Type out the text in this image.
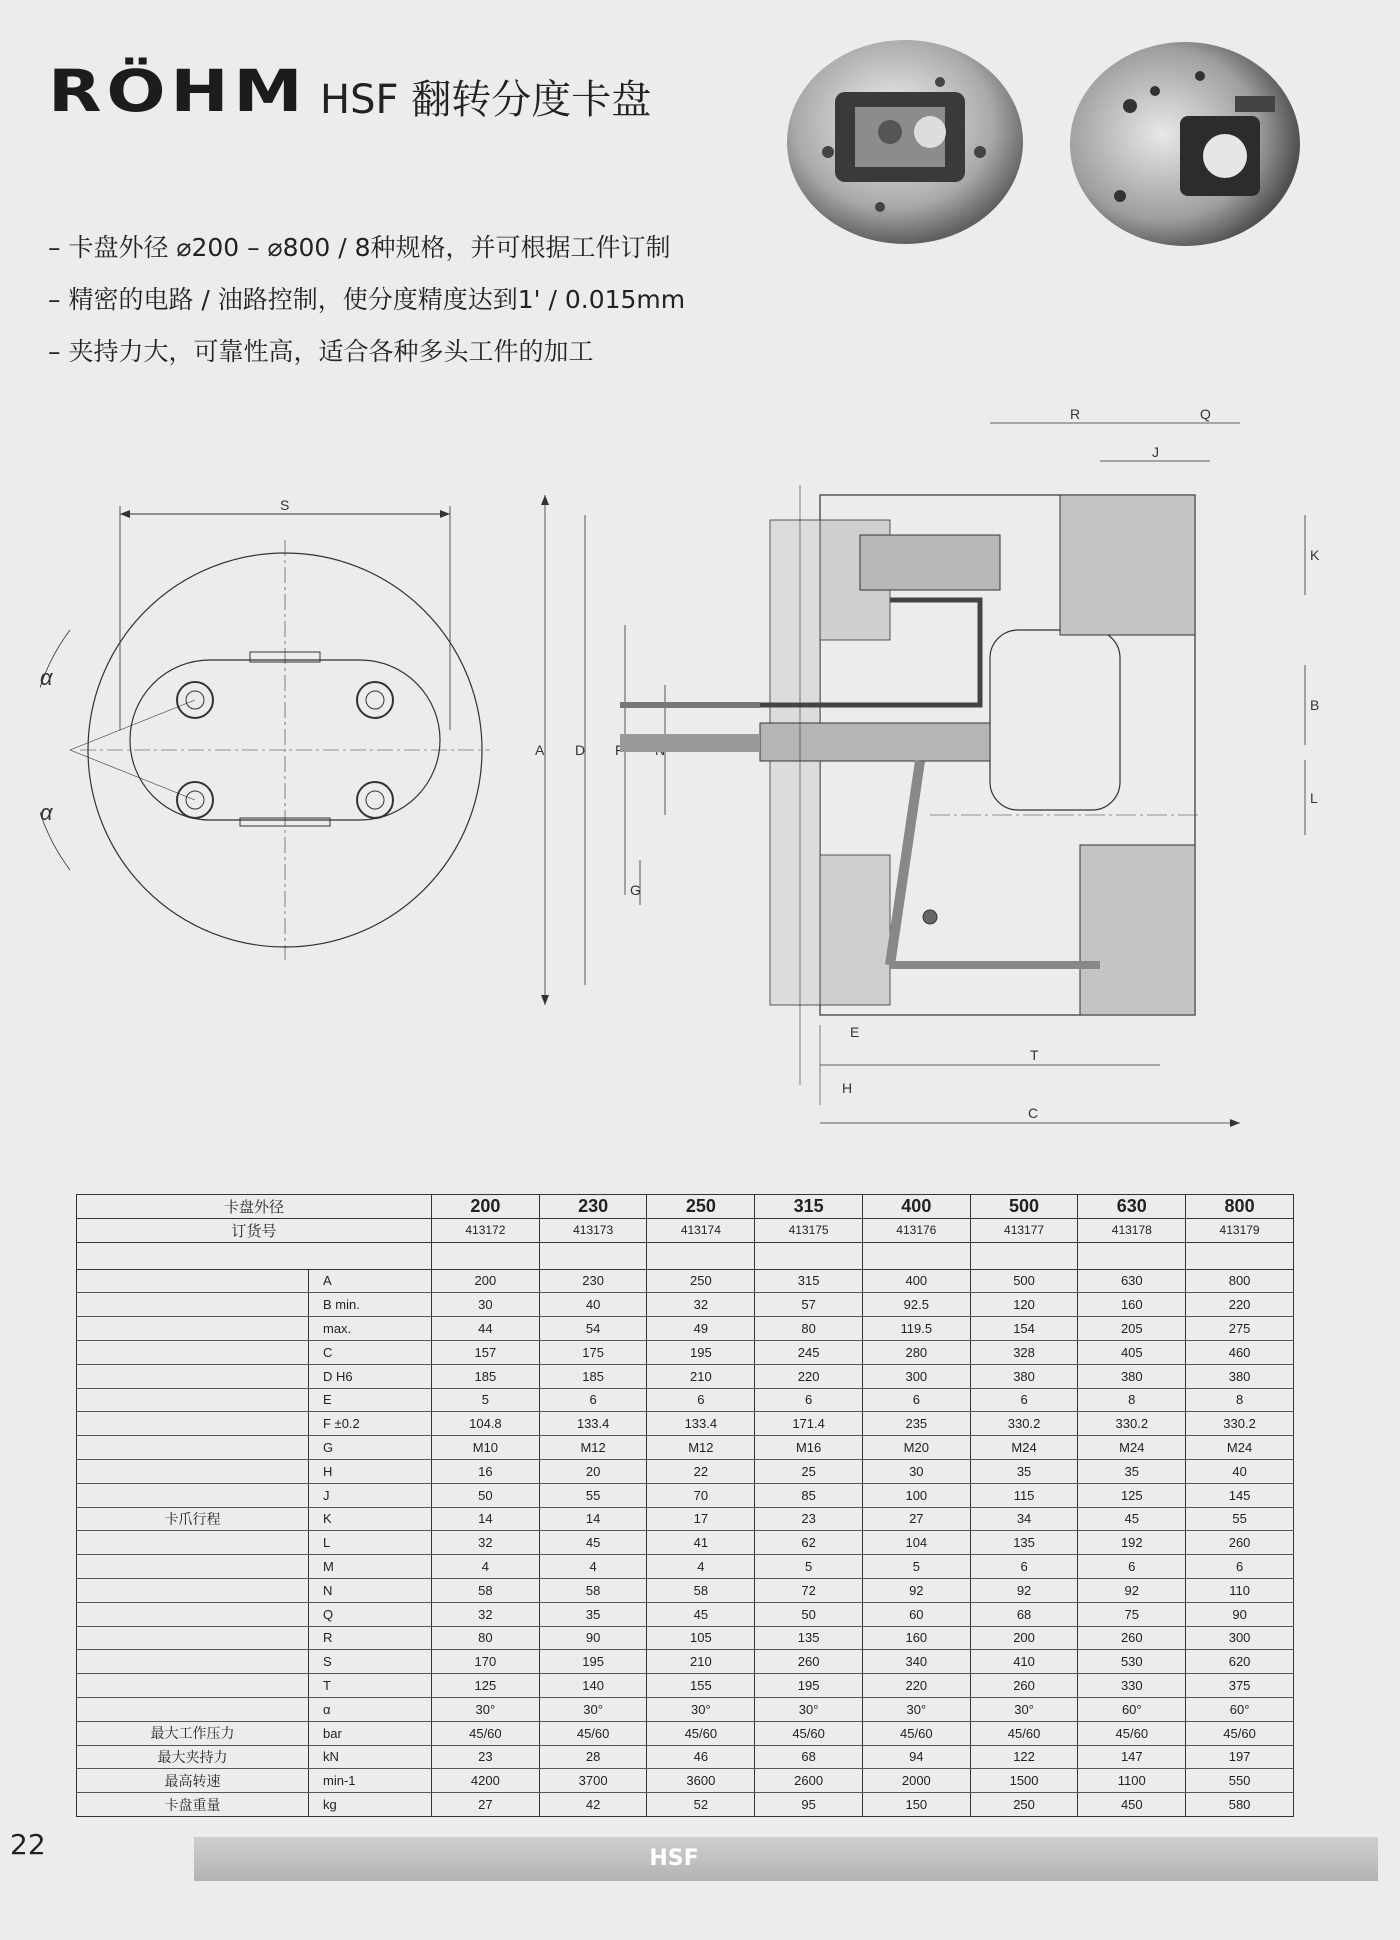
RÖHM HSF 翻转分度卡盘
– 卡盘外径 ⌀200 – ⌀800 / 8种规格，并可根据工件订制
– 精密的电路 / 油路控制，使分度精度达到1' / 0.015mm
– 夹持力大，可靠性高，适合各种多头工件的加工
S
α
α
A D F N
G
E
T
H
C
R	Q
J
K
B
L
卡盘外径		200	230	250	315	400	500	630	800
订货号		413172	413173	413174	413175	413176	413177	413178	413179

	A	200	230	250	315	400	500	630	800
	B min.	30	40	32	57	92.5	120	160	220
	max.	44	54	49	80	119.5	154	205	275
	C	157	175	195	245	280	328	405	460
	D H6	185	185	210	220	300	380	380	380
	E	5	6	6	6	6	6	8	8
	F ±0.2	104.8	133.4	133.4	171.4	235	330.2	330.2	330.2
	G	M10	M12	M12	M16	M20	M24	M24	M24
	H	16	20	22	25	30	35	35	40
	J	50	55	70	85	100	115	125	145
卡爪行程	K	14	14	17	23	27	34	45	55
	L	32	45	41	62	104	135	192	260
	M	4	4	4	5	5	6	6	6
	N	58	58	58	72	92	92	92	110
	Q	32	35	45	50	60	68	75	90
	R	80	90	105	135	160	200	260	300
	S	170	195	210	260	340	410	530	620
	T	125	140	155	195	220	260	330	375
	α	30°	30°	30°	30°	30°	30°	60°	60°
最大工作压力	bar	45/60	45/60	45/60	45/60	45/60	45/60	45/60	45/60
最大夹持力	kN	23	28	46	68	94	122	147	197
最高转速	min-1	4200	3700	3600	2600	2000	1500	1100	550
卡盘重量	kg	27	42	52	95	150	250	450	580
22	HSF
